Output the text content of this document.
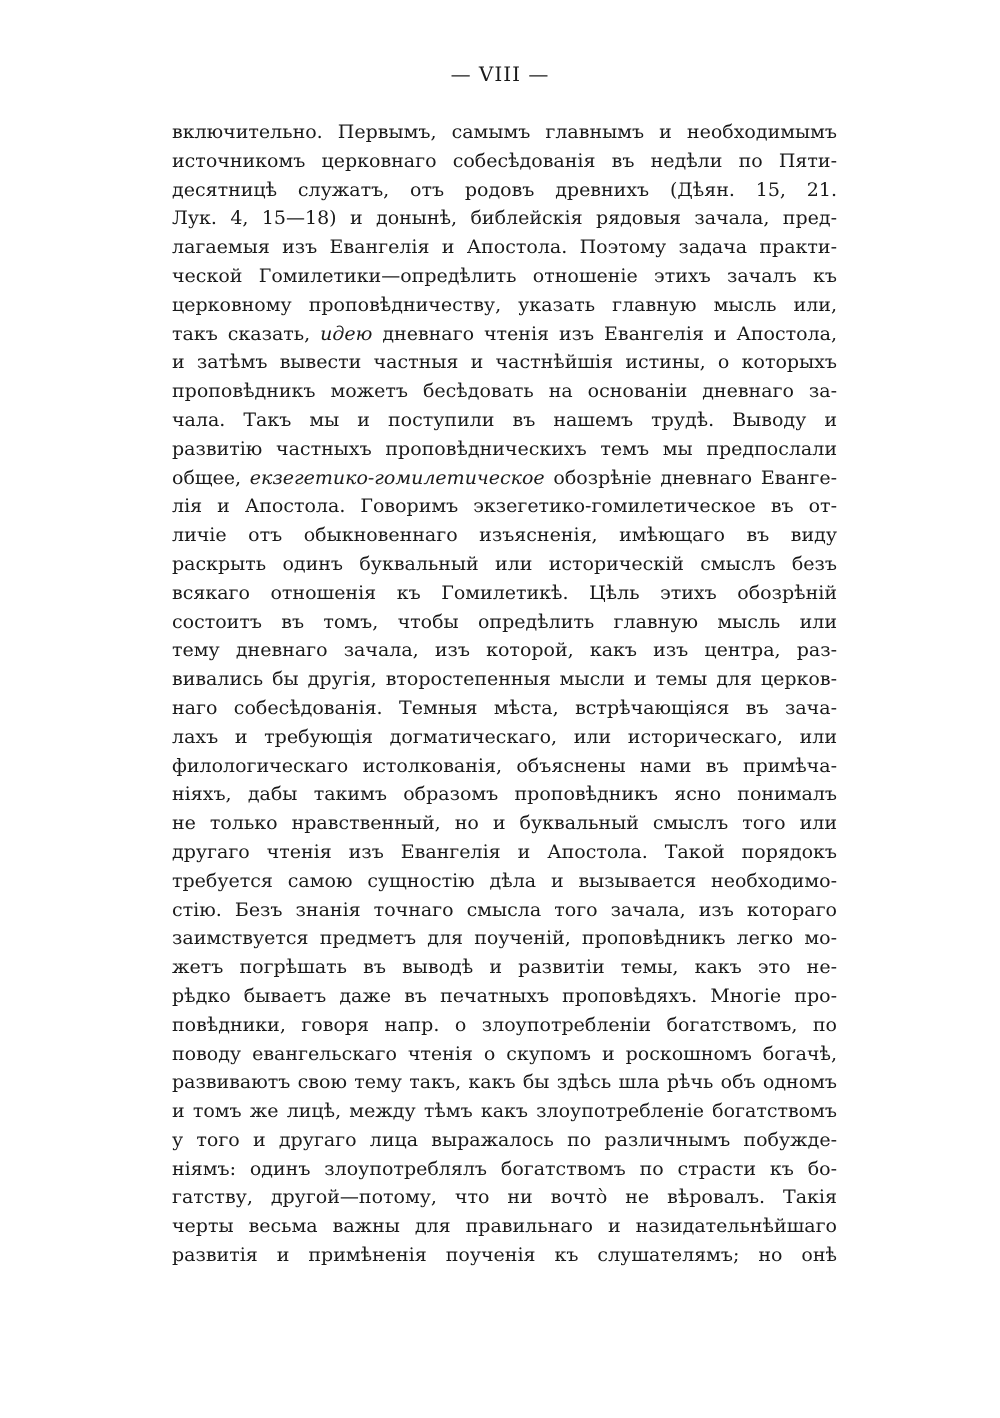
— VIII —
включительно. Первымъ, самымъ главнымъ и необходимымъ
источникомъ церковнаго собесѣдованія въ недѣли по Пяти-
десятницѣ служатъ, отъ родовъ древнихъ (Дѣян. 15, 21.
Лук. 4, 15—18) и донынѣ, библейскія рядовыя зачала, пред-
лагаемыя изъ Евангелія и Апостола. Поэтому задача практи-
ческой Гомилетики—опредѣлить отношеніе этихъ зачалъ къ
церковному проповѣдничеству, указать главную мысль или,
такъ сказать, идею дневнаго чтенія изъ Евангелія и Апостола,
и затѣмъ вывести частныя и частнѣйшія истины, о которыхъ
проповѣдникъ можетъ бесѣдовать на основаніи дневнаго за-
чала. Такъ мы и поступили въ нашемъ трудѣ. Выводу и
развитію частныхъ проповѣдническихъ темъ мы предпослали
общее, екзегетико-гомилетическое обозрѣніе дневнаго Еванге-
лія и Апостола. Говоримъ экзегетико-гомилетическое въ от-
личіе отъ обыкновеннаго изъясненія, имѣющаго въ виду
раскрыть одинъ буквальный или историческій смыслъ безъ
всякаго отношенія къ Гомилетикѣ. Цѣль этихъ обозрѣній
состоитъ въ томъ, чтобы опредѣлить главную мысль или
тему дневнаго зачала, изъ которой, какъ изъ центра, раз-
вивались бы другія, второстепенныя мысли и темы для церков-
наго собесѣдованія. Темныя мѣста, встрѣчающіяся въ зача-
лахъ и требующія догматическаго, или историческаго, или
филологическаго истолкованія, объяснены нами въ примѣча-
ніяхъ, дабы такимъ образомъ проповѣдникъ ясно понималъ
не только нравственный, но и буквальный смыслъ того или
другаго чтенія изъ Евангелія и Апостола. Такой порядокъ
требуется самою сущностію дѣла и вызывается необходимо-
стію. Безъ знанія точнаго смысла того зачала, изъ котораго
заимствуется предметъ для поученій, проповѣдникъ легко мо-
жетъ погрѣшать въ выводѣ и развитіи темы, какъ это не-
рѣдко бываетъ даже въ печатныхъ проповѣдяхъ. Многіе про-
повѣдники, говоря напр. о злоупотребленіи богатствомъ, по
поводу евангельскаго чтенія о скупомъ и роскошномъ богачѣ,
развиваютъ свою тему такъ, какъ бы здѣсь шла рѣчь объ одномъ
и томъ же лицѣ, между тѣмъ какъ злоупотребленіе богатствомъ
у того и другаго лица выражалось по различнымъ побужде-
ніямъ: одинъ злоупотреблялъ богатствомъ по страсти къ бо-
гатству, другой—потому, что ни вочтò не вѣровалъ. Такія
черты весьма важны для правильнаго и назидательнѣйшаго
развитія и примѣненія поученія къ слушателямъ; но онѣ
